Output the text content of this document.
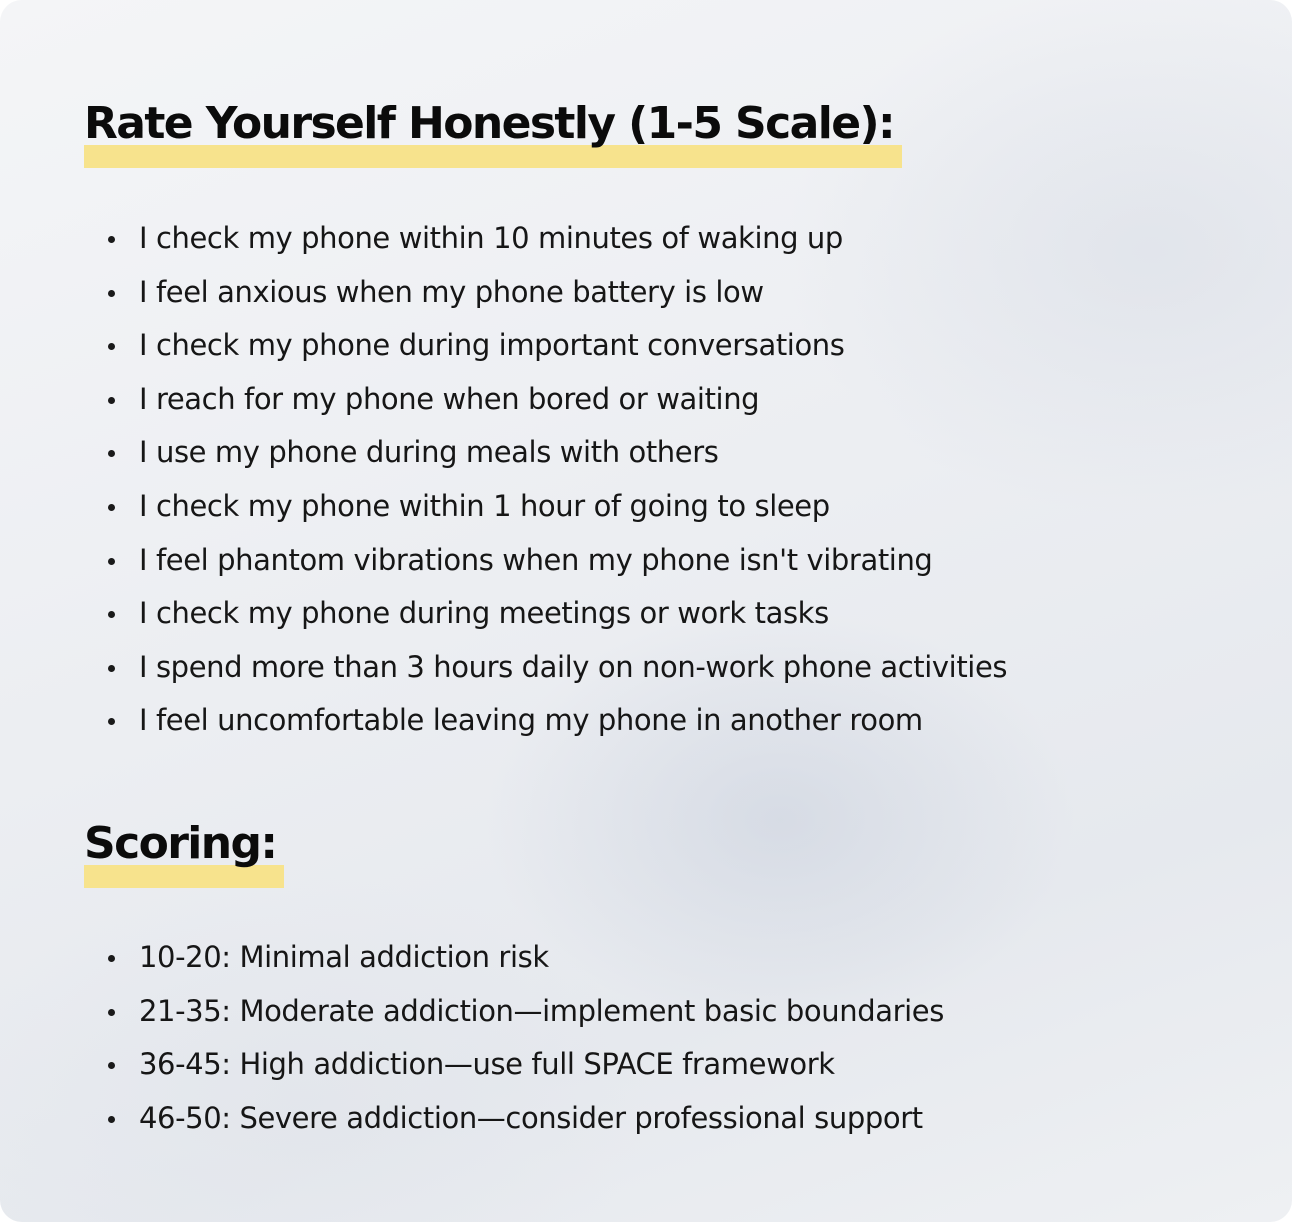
Rate Yourself Honestly (1-5 Scale):
I check my phone within 10 minutes of waking up
I feel anxious when my phone battery is low
I check my phone during important conversations
I reach for my phone when bored or waiting
I use my phone during meals with others
I check my phone within 1 hour of going to sleep
I feel phantom vibrations when my phone isn't vibrating
I check my phone during meetings or work tasks
I spend more than 3 hours daily on non-work phone activities
I feel uncomfortable leaving my phone in another room
Scoring:
10-20: Minimal addiction risk
21-35: Moderate addiction—implement basic boundaries
36-45: High addiction—use full SPACE framework
46-50: Severe addiction—consider professional support
